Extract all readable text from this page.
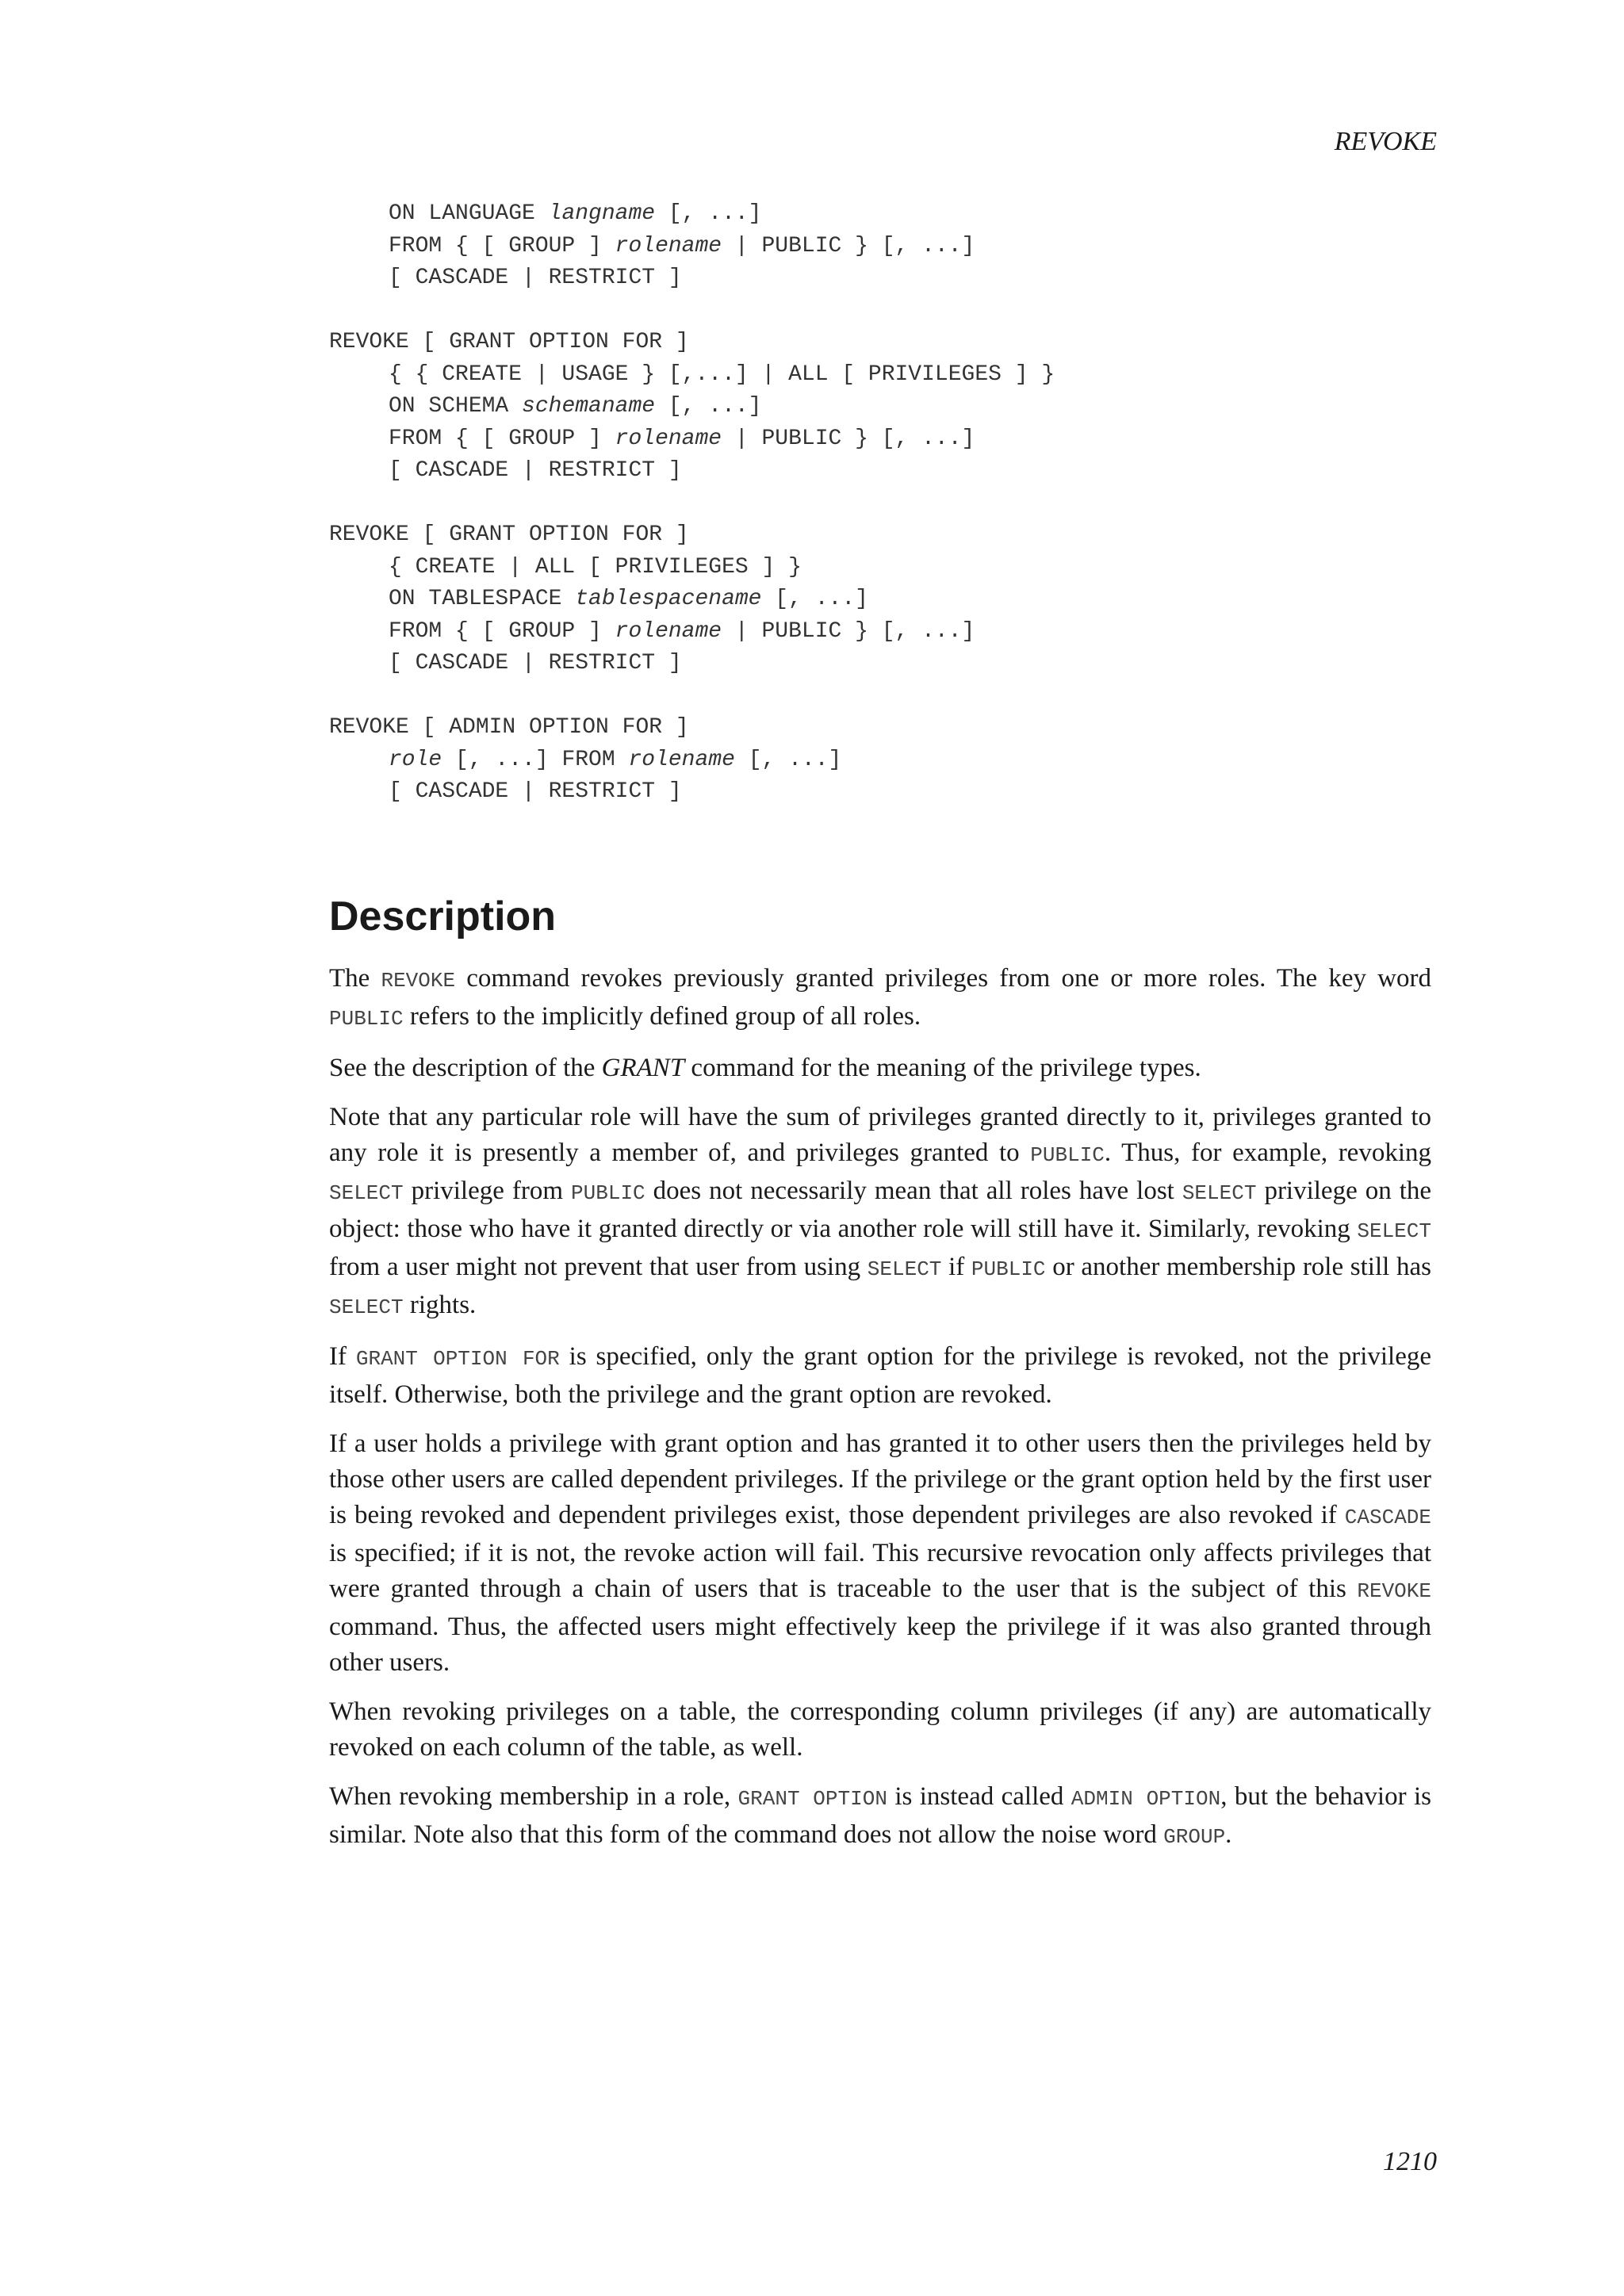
REVOKE
ON LANGUAGE langname [, ...]
FROM { [ GROUP ] rolename | PUBLIC } [, ...]
[ CASCADE | RESTRICT ]
REVOKE [ GRANT OPTION FOR ]
{ { CREATE | USAGE } [,...] | ALL [ PRIVILEGES ] }
ON SCHEMA schemaname [, ...]
FROM { [ GROUP ] rolename | PUBLIC } [, ...]
[ CASCADE | RESTRICT ]
REVOKE [ GRANT OPTION FOR ]
{ CREATE | ALL [ PRIVILEGES ] }
ON TABLESPACE tablespacename [, ...]
FROM { [ GROUP ] rolename | PUBLIC } [, ...]
[ CASCADE | RESTRICT ]
REVOKE [ ADMIN OPTION FOR ]
role [, ...] FROM rolename [, ...]
[ CASCADE | RESTRICT ]
Description

The REVOKE command revokes previously granted privileges from one or more roles. The key word PUBLIC refers to the implicitly defined group of all roles.

See the description of the GRANT command for the meaning of the privilege types.

Note that any particular role will have the sum of privileges granted directly to it, privileges granted to any role it is presently a member of, and privileges granted to PUBLIC. Thus, for example, revoking SELECT privilege from PUBLIC does not necessarily mean that all roles have lost SELECT privilege on the object: those who have it granted directly or via another role will still have it. Similarly, revoking SELECT from a user might not prevent that user from using SELECT if PUBLIC or another membership role still has SELECT rights.

If GRANT OPTION FOR is specified, only the grant option for the privilege is revoked, not the privilege itself. Otherwise, both the privilege and the grant option are revoked.

If a user holds a privilege with grant option and has granted it to other users then the privileges held by those other users are called dependent privileges. If the privilege or the grant option held by the first user is being revoked and dependent privileges exist, those dependent privileges are also revoked if CASCADE is specified; if it is not, the revoke action will fail. This recursive revocation only affects privileges that were granted through a chain of users that is traceable to the user that is the subject of this REVOKE command. Thus, the affected users might effectively keep the privilege if it was also granted through other users.

When revoking privileges on a table, the corresponding column privileges (if any) are automatically revoked on each column of the table, as well.

When revoking membership in a role, GRANT OPTION is instead called ADMIN OPTION, but the behavior is similar. Note also that this form of the command does not allow the noise word GROUP.

1210
